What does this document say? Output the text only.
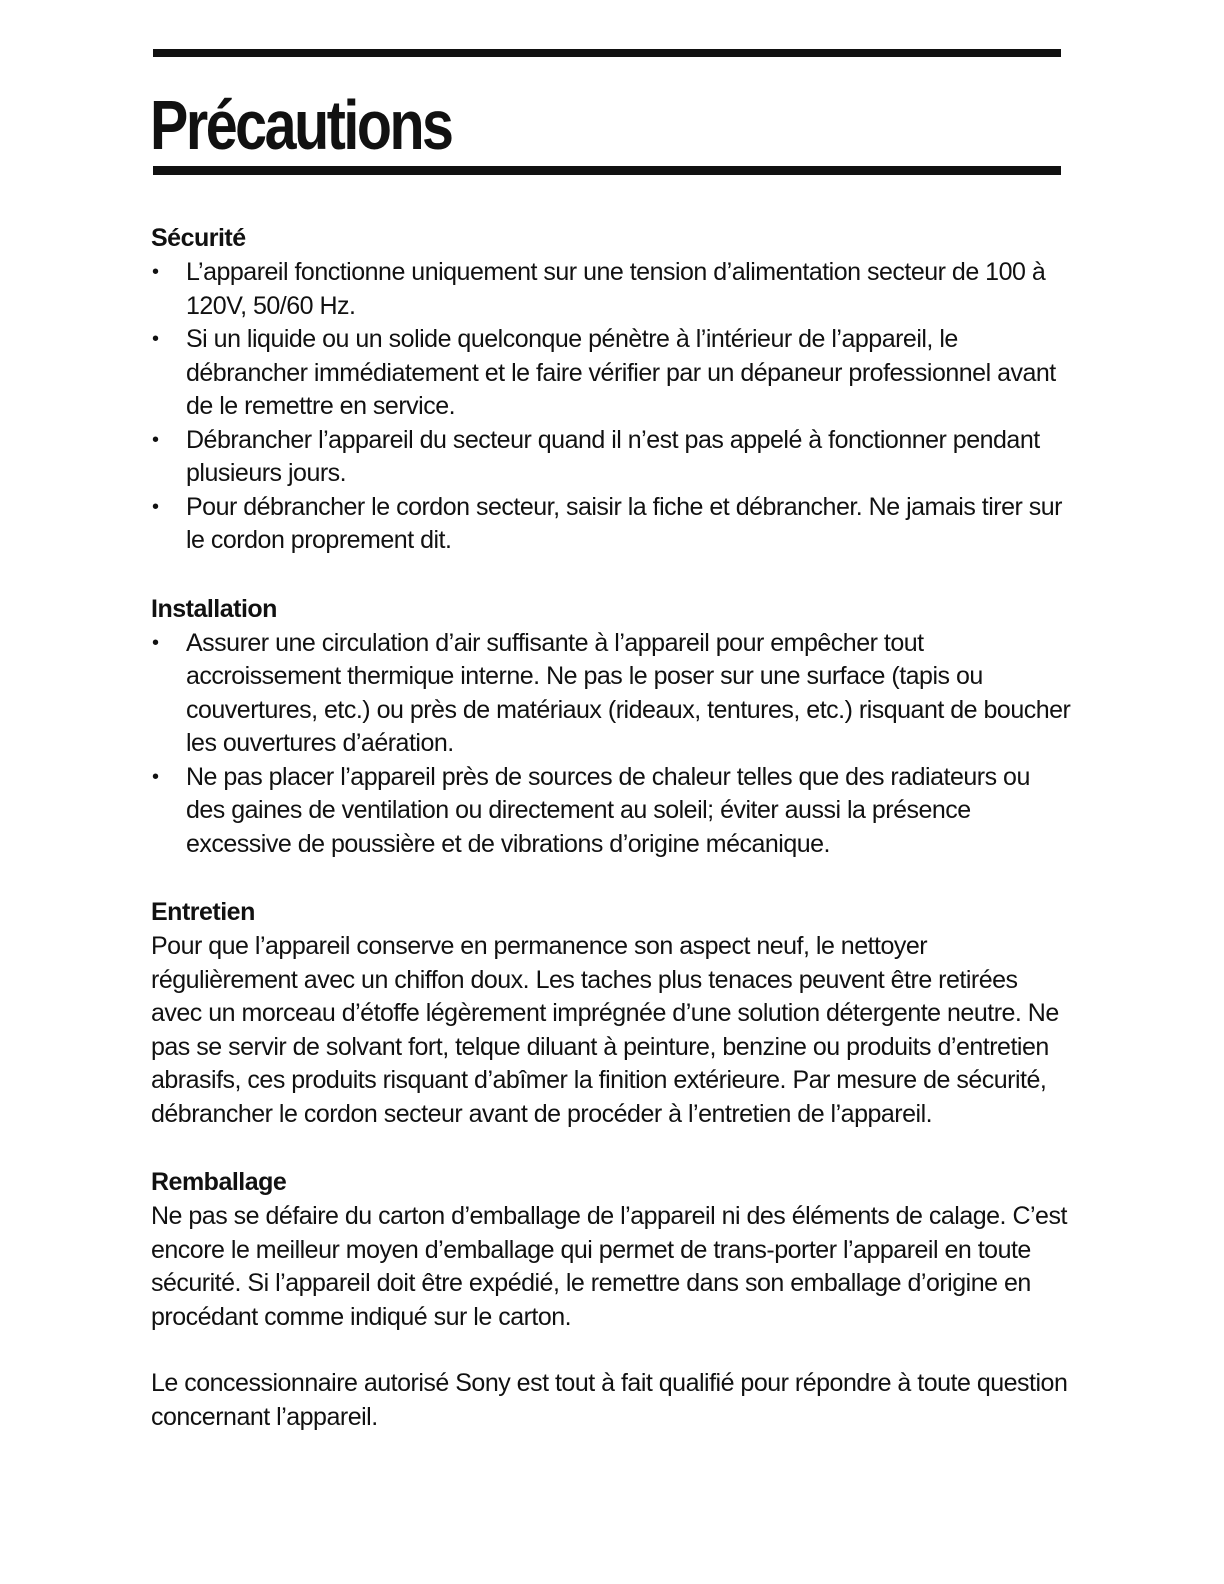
Précautions
Sécurité
• L’appareil fonctionne uniquement sur une tension d’alimentation secteur de 100 à 120V, 50/60 Hz.
• Si un liquide ou un solide quelconque pénètre à l’intérieur de l’appareil, le débrancher immédiatement et le faire vérifier par un dépaneur professionnel avant de le remettre en service.
• Débrancher l’appareil du secteur quand il n’est pas appelé à fonctionner pendant plusieurs jours.
• Pour débrancher le cordon secteur, saisir la fiche et débrancher. Ne jamais tirer sur le cordon proprement dit.
Installation
• Assurer une circulation d’air suffisante à l’appareil pour empêcher tout accroissement thermique interne. Ne pas le poser sur une surface (tapis ou couvertures, etc.) ou près de matériaux (rideaux, tentures, etc.) risquant de boucher les ouvertures d’aération.
• Ne pas placer l’appareil près de sources de chaleur telles que des radiateurs ou des gaines de ventilation ou directement au soleil; éviter aussi la présence excessive de poussière et de vibrations d’origine mécanique.
Entretien

Pour que l’appareil conserve en permanence son aspect neuf, le nettoyer régulièrement avec un chiffon doux. Les taches plus tenaces peuvent être retirées avec un morceau d’étoffe légèrement imprégnée d’une solution détergente neutre. Ne pas se servir de solvant fort, telque diluant à peinture, benzine ou produits d’entretien abrasifs, ces produits risquant d’abîmer la finition extérieure. Par mesure de sécurité, débrancher le cordon secteur avant de procéder à l’entretien de l’appareil.

Remballage

Ne pas se défaire du carton d’emballage de l’appareil ni des éléments de calage. C’est encore le meilleur moyen d’emballage qui permet de trans-porter l’appareil en toute sécurité. Si l’appareil doit être expédié, le remettre dans son emballage d’origine en procédant comme indiqué sur le carton.

Le concessionnaire autorisé Sony est tout à fait qualifié pour répondre à toute question concernant l’appareil.
